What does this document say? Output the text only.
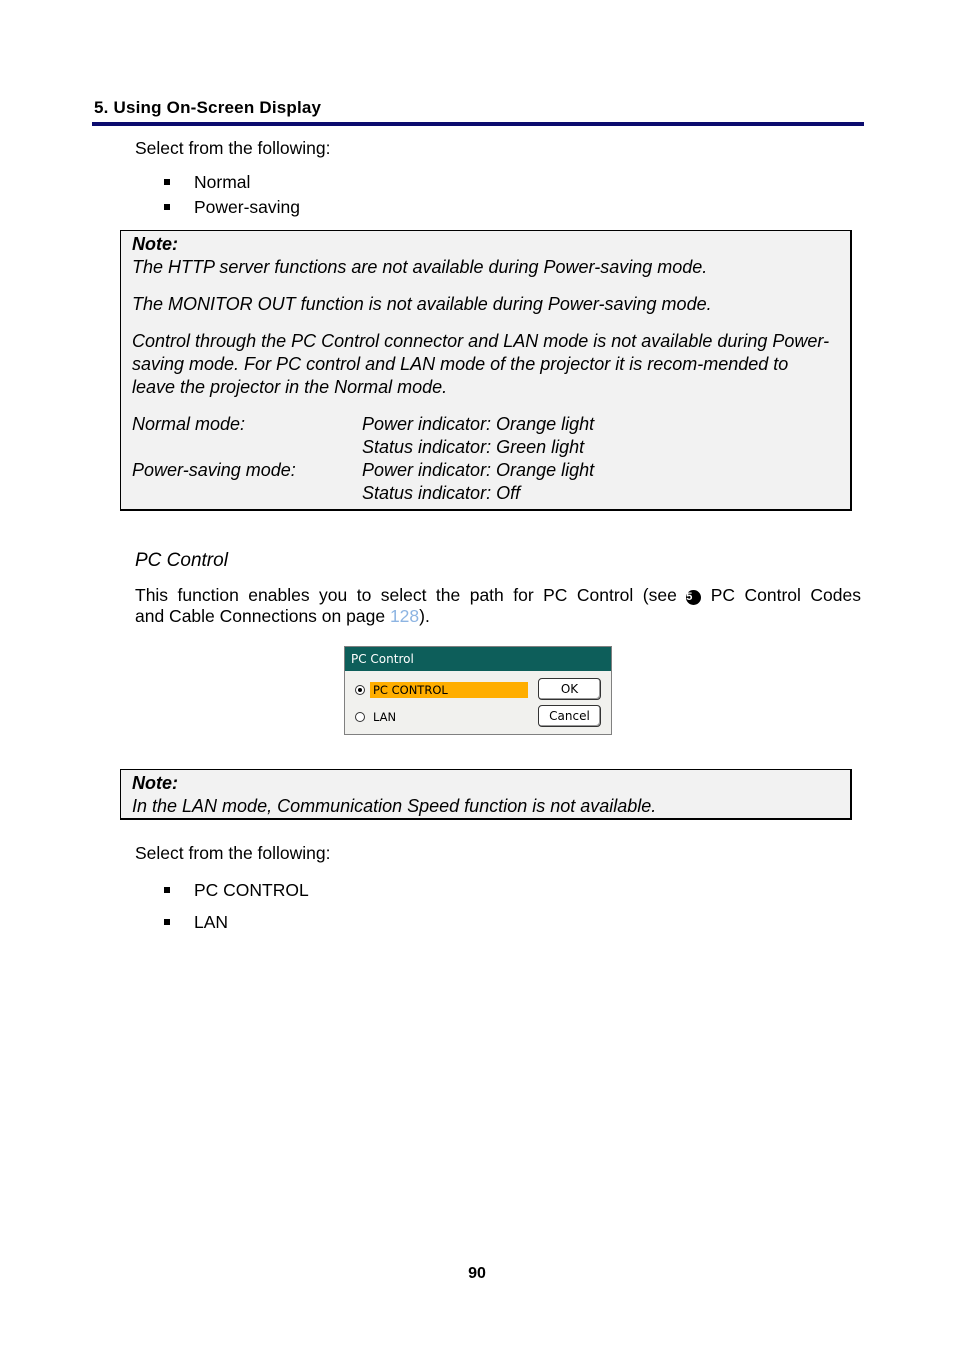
5. Using On-Screen Display
Select from the following:
Normal
Power-saving
Note:
The HTTP server functions are not available during Power-saving mode.
The MONITOR OUT function is not available during Power-saving mode.
Control through the PC Control connector and LAN mode is not available during Power-saving mode. For PC control and LAN mode of the projector it is recom-mended to leave the projector in the Normal mode.
Normal mode:	Power indicator: Orange light
Status indicator: Green light
Power-saving mode:	Power indicator: Orange light
Status indicator: Off
PC Control
This function enables you to select the path for PC Control (see 5 PC Control Codes
and Cable Connections on page 128).
PC Control
PC CONTROL
LAN
OK
Cancel
Note:
In the LAN mode, Communication Speed function is not available.
Select from the following:
PC CONTROL
LAN
90
